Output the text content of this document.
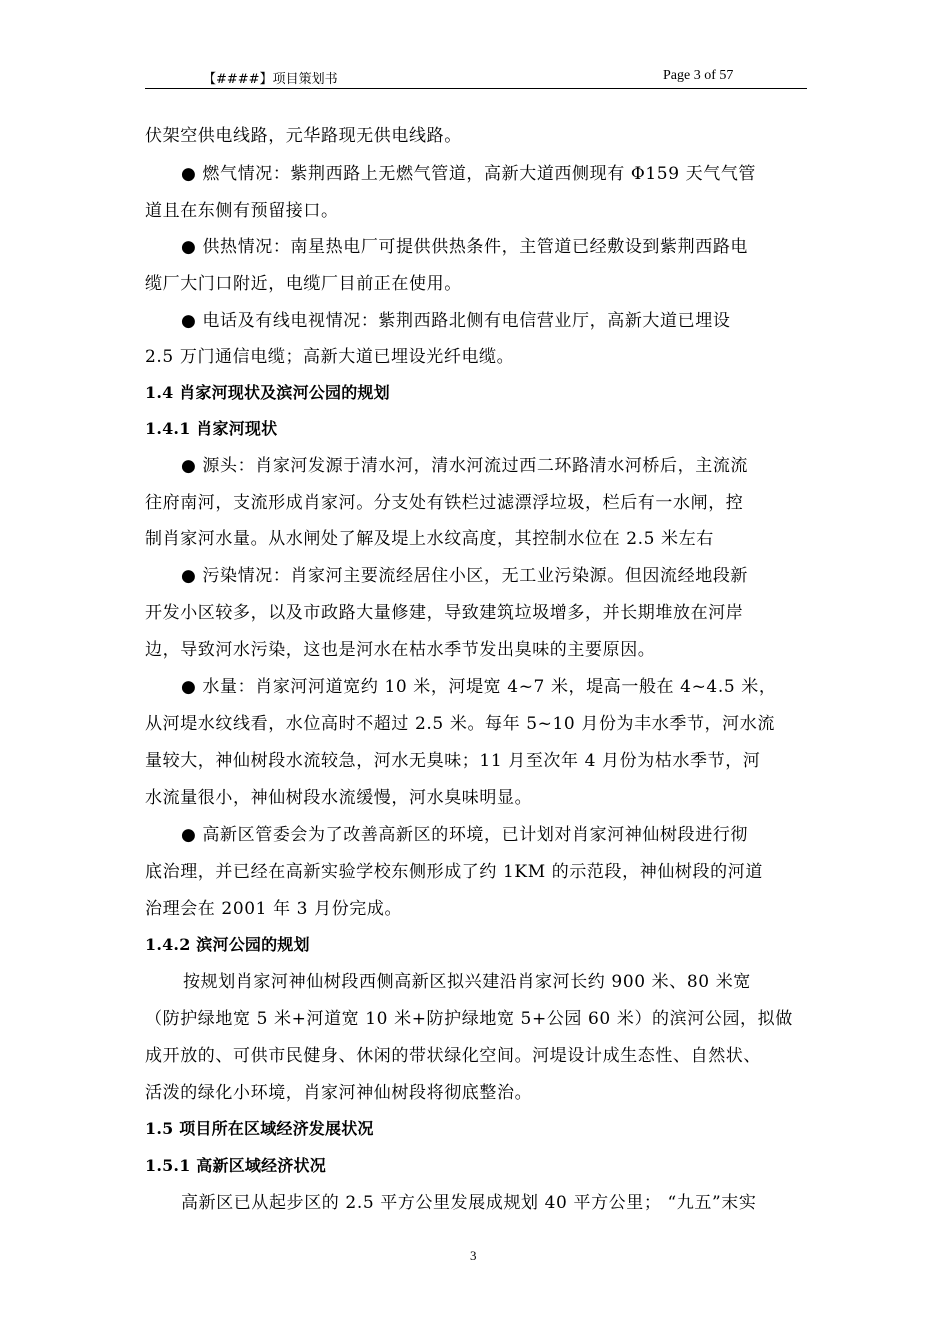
【####】项目策划书	Page 3 of 57
伏架空供电线路，元华路现无供电线路。
● 燃气情况：紫荆西路上无燃气管道，高新大道西侧现有 Φ159 天气气管
道且在东侧有预留接口。
● 供热情况：南星热电厂可提供供热条件，主管道已经敷设到紫荆西路电
缆厂大门口附近，电缆厂目前正在使用。
● 电话及有线电视情况：紫荆西路北侧有电信营业厅，高新大道已埋设
2.5 万门通信电缆；高新大道已埋设光纤电缆。
1.4 肖家河现状及滨河公园的规划
1.4.1 肖家河现状
● 源头：肖家河发源于清水河，清水河流过西二环路清水河桥后，主流流
往府南河，支流形成肖家河。分支处有铁栏过滤漂浮垃圾，栏后有一水闸，控
制肖家河水量。从水闸处了解及堤上水纹高度，其控制水位在 2.5 米左右
● 污染情况：肖家河主要流经居住小区，无工业污染源。但因流经地段新
开发小区较多，以及市政路大量修建，导致建筑垃圾增多，并长期堆放在河岸
边，导致河水污染，这也是河水在枯水季节发出臭味的主要原因。
● 水量：肖家河河道宽约 10 米，河堤宽 4~7 米，堤高一般在 4~4.5 米，
从河堤水纹线看，水位高时不超过 2.5 米。每年 5~10 月份为丰水季节，河水流
量较大，神仙树段水流较急，河水无臭味；11 月至次年 4 月份为枯水季节，河
水流量很小，神仙树段水流缓慢，河水臭味明显。
● 高新区管委会为了改善高新区的环境，已计划对肖家河神仙树段进行彻
底治理，并已经在高新实验学校东侧形成了约 1KM 的示范段，神仙树段的河道
治理会在 2001 年 3 月份完成。
1.4.2 滨河公园的规划
按规划肖家河神仙树段西侧高新区拟兴建沿肖家河长约 900 米、80 米宽
（防护绿地宽 5 米+河道宽 10 米+防护绿地宽 5+公园 60 米）的滨河公园，拟做
成开放的、可供市民健身、休闲的带状绿化空间。河堤设计成生态性、自然状、
活泼的绿化小环境，肖家河神仙树段将彻底整治。
1.5 项目所在区域经济发展状况
1.5.1 高新区域经济状况
高新区已从起步区的 2.5 平方公里发展成规划 40 平方公里； “九五”末实
3
